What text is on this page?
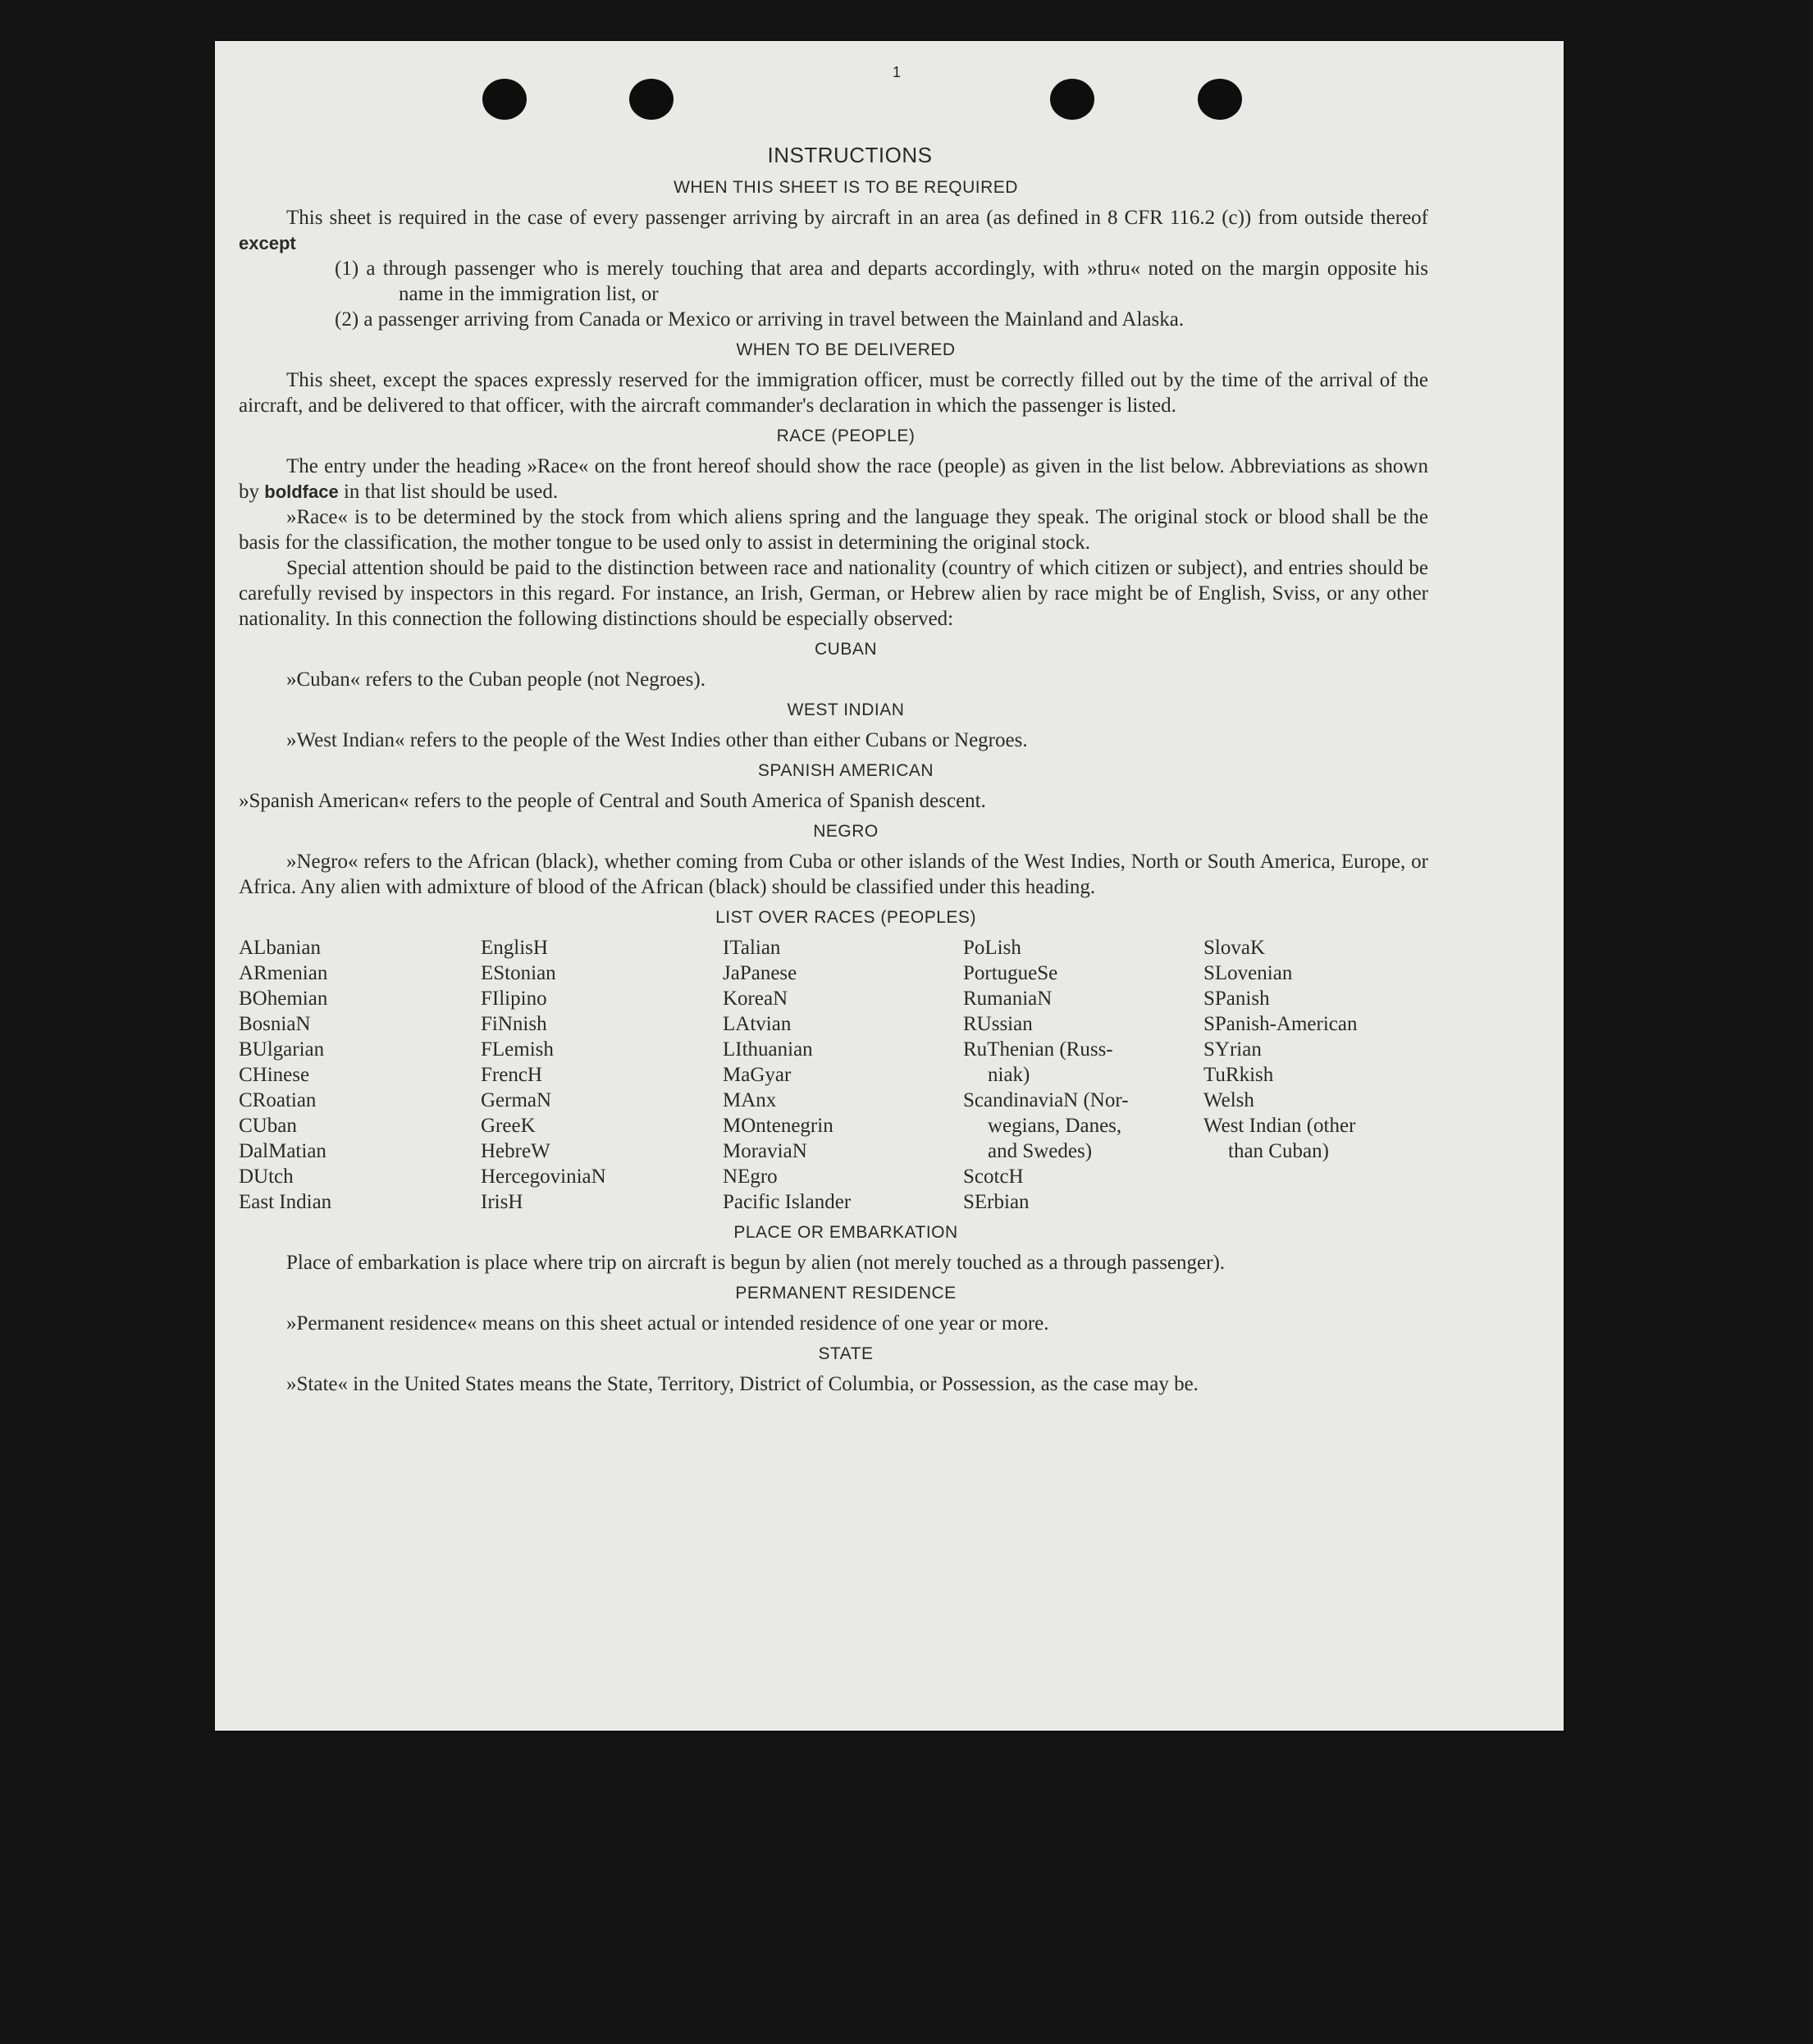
1
INSTRUCTIONS
WHEN THIS SHEET IS TO BE REQUIRED

This sheet is required in the case of every passenger arriving by aircraft in an area (as defined in 8 CFR 116.2 (c)) from outside thereof except

(1) a through passenger who is merely touching that area and departs accordingly, with »thru« noted on the margin opposite his name in the immigration list, or

(2) a passenger arriving from Canada or Mexico or arriving in travel between the Mainland and Alaska.

WHEN TO BE DELIVERED

This sheet, except the spaces expressly reserved for the immigration officer, must be correctly filled out by the time of the arrival of the aircraft, and be delivered to that officer, with the aircraft commander's declaration in which the passenger is listed.

RACE (PEOPLE)

The entry under the heading »Race« on the front hereof should show the race (people) as given in the list below. Abbreviations as shown by boldface in that list should be used.

»Race« is to be determined by the stock from which aliens spring and the language they speak. The original stock or blood shall be the basis for the classification, the mother tongue to be used only to assist in determining the original stock.

Special attention should be paid to the distinction between race and nationality (country of which citizen or subject), and entries should be carefully revised by inspectors in this regard. For instance, an Irish, German, or Hebrew alien by race might be of English, Sviss, or any other nationality. In this connection the following distinctions should be especially observed:

CUBAN

»Cuban« refers to the Cuban people (not Negroes).

WEST INDIAN

»West Indian« refers to the people of the West Indies other than either Cubans or Negroes.

SPANISH AMERICAN

»Spanish American« refers to the people of Central and South America of Spanish descent.

NEGRO

»Negro« refers to the African (black), whether coming from Cuba or other islands of the West Indies, North or South America, Europe, or Africa. Any alien with admixture of blood of the African (black) should be classified under this heading.

LIST OVER RACES (PEOPLES)
ALbanian
ARmenian
BOhemian
BosniaN
BUlgarian
CHinese
CRoatian
CUban
DalMatian
DUtch
East Indian
EnglisH
EStonian
FIlipino
FiNnish
FLemish
FrencH
GermaN
GreeK
HebreW
HercegoviniaN
IrisH
ITalian
JaPanese
KoreaN
LAtvian
LIthuanian
MaGyar
MAnx
MOntenegrin
MoraviaN
NEgro
Pacific Islander
PoLish
PortugueSe
RumaniaN
RUssian
RuThenian (Russ-
niak)
ScandinaviaN (Nor-
wegians, Danes,
and Swedes)
ScotcH
SErbian
SlovaK
SLovenian
SPanish
SPanish-American
SYrian
TuRkish
Welsh
West Indian (other
than Cuban)
PLACE OR EMBARKATION

Place of embarkation is place where trip on aircraft is begun by alien (not merely touched as a through passenger).

PERMANENT RESIDENCE

»Permanent residence« means on this sheet actual or intended residence of one year or more.

STATE

»State« in the United States means the State, Territory, District of Columbia, or Possession, as the case may be.
